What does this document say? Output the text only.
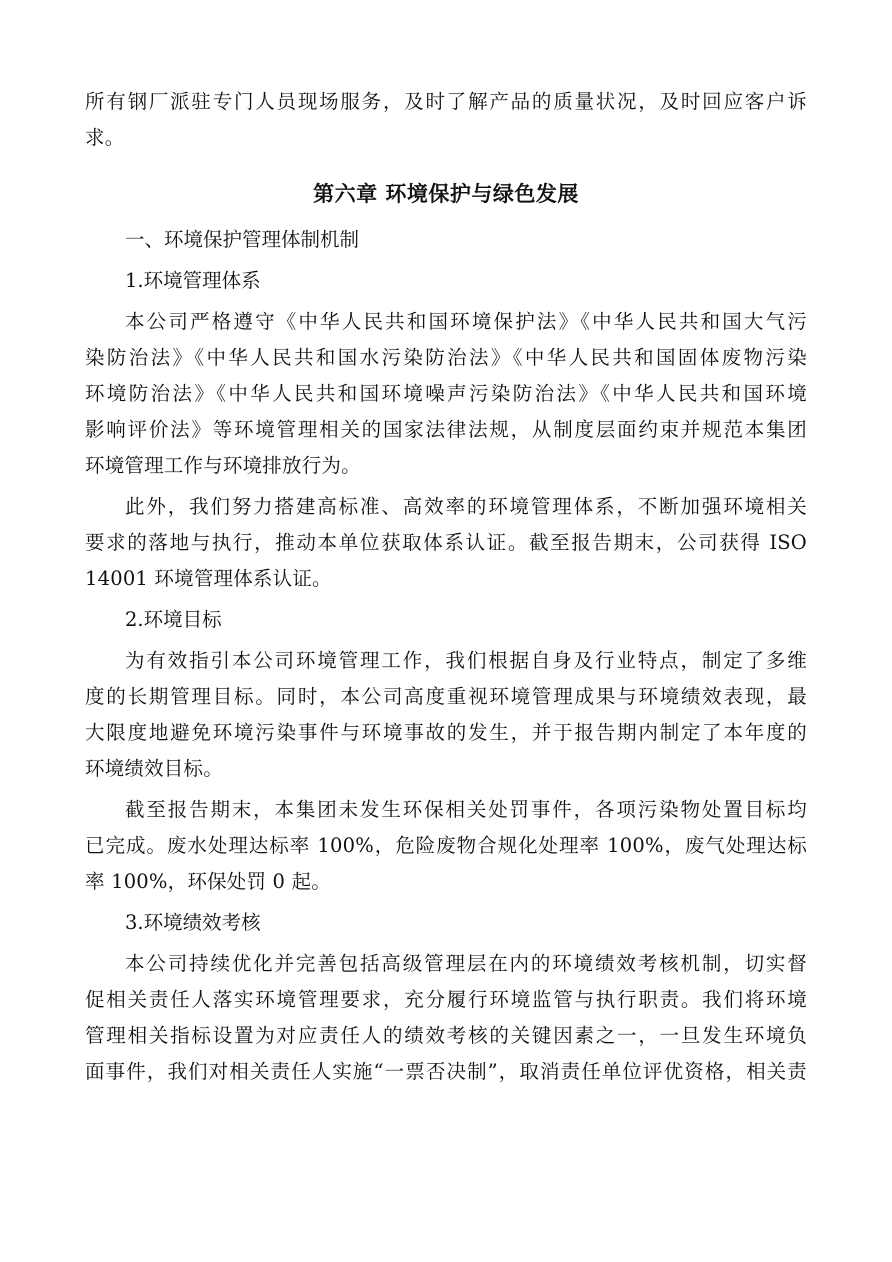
所有钢厂派驻专门人员现场服务，及时了解产品的质量状况，及时回应客户诉
求。
第六章 环境保护与绿色发展
一、环境保护管理体制机制
1.环境管理体系
本公司严格遵守《中华人民共和国环境保护法》《中华人民共和国大气污
染防治法》《中华人民共和国水污染防治法》《中华人民共和国固体废物污染
环境防治法》《中华人民共和国环境噪声污染防治法》《中华人民共和国环境
影响评价法》等环境管理相关的国家法律法规，从制度层面约束并规范本集团
环境管理工作与环境排放行为。
此外，我们努力搭建高标准、高效率的环境管理体系，不断加强环境相关
要求的落地与执行，推动本单位获取体系认证。截至报告期末，公司获得 ISO
14001 环境管理体系认证。
2.环境目标
为有效指引本公司环境管理工作，我们根据自身及行业特点，制定了多维
度的长期管理目标。同时，本公司高度重视环境管理成果与环境绩效表现，最
大限度地避免环境污染事件与环境事故的发生，并于报告期内制定了本年度的
环境绩效目标。
截至报告期末，本集团未发生环保相关处罚事件，各项污染物处置目标均
已完成。废水处理达标率 100%，危险废物合规化处理率 100%，废气处理达标
率 100%，环保处罚 0 起。
3.环境绩效考核
本公司持续优化并完善包括高级管理层在内的环境绩效考核机制，切实督
促相关责任人落实环境管理要求，充分履行环境监管与执行职责。我们将环境
管理相关指标设置为对应责任人的绩效考核的关键因素之一，一旦发生环境负
面事件，我们对相关责任人实施“一票否决制”，取消责任单位评优资格，相关责
